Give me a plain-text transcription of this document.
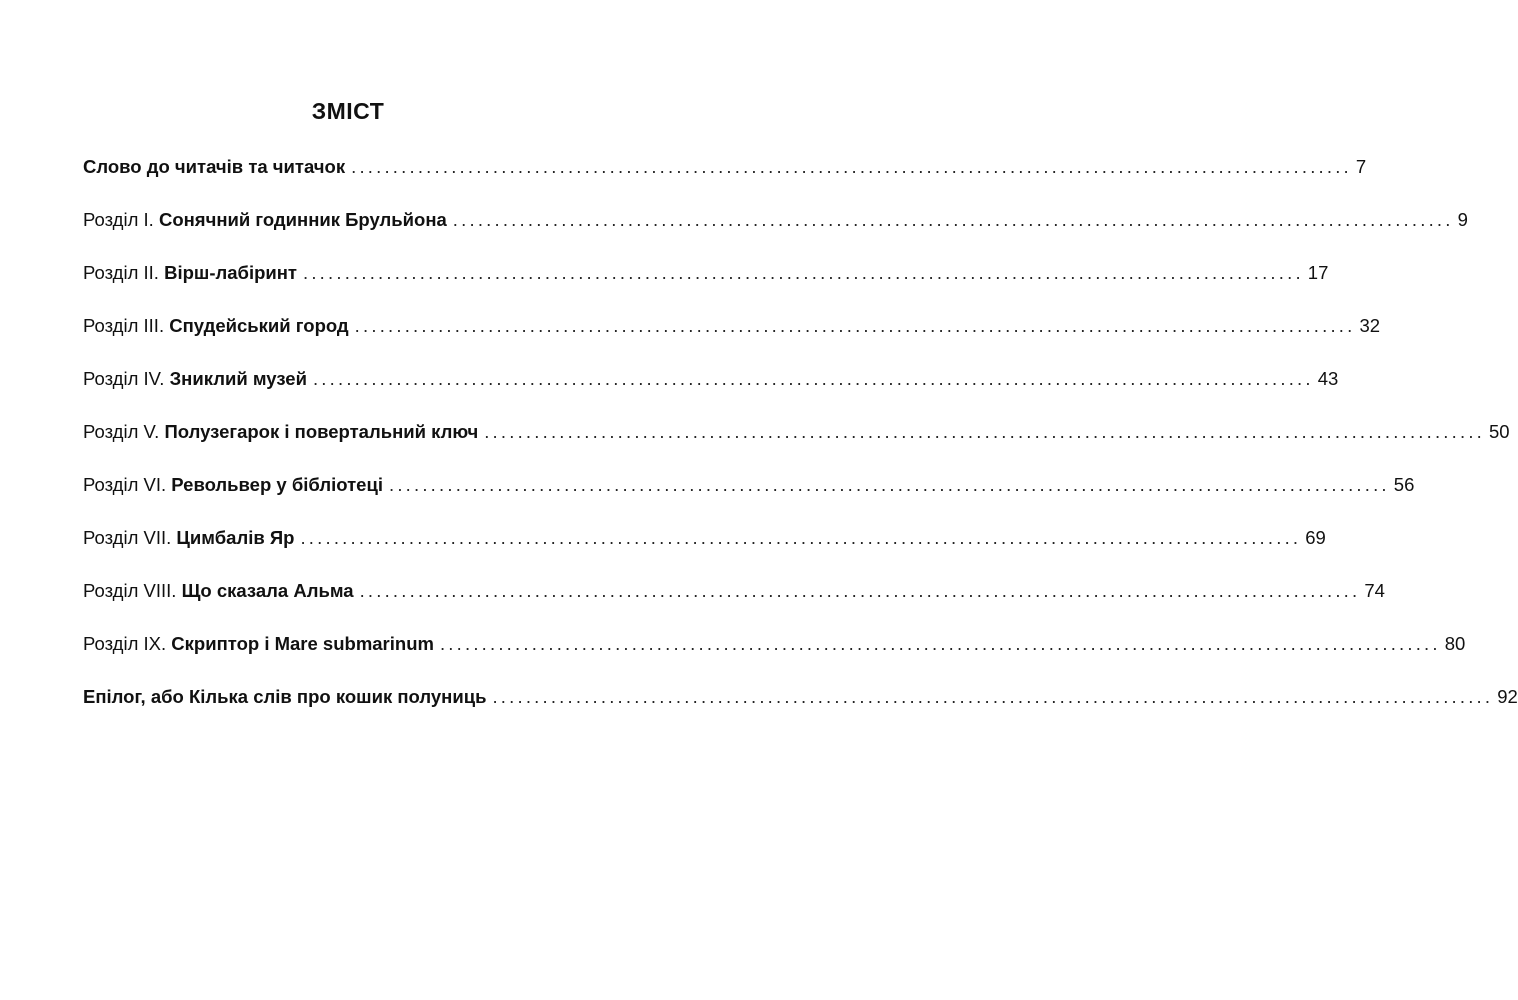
ЗМІСТ
Слово до читачів та читачок ........................................................................................................................ 7
Розділ І. Сонячний годинник Брульйона ........................................................................................................................ 9
Розділ ІІ. Вірш-лабіринт ........................................................................................................................ 17
Розділ ІІІ. Спудейський город ........................................................................................................................ 32
Розділ IV. Зниклий музей ........................................................................................................................ 43
Розділ V. Полузегарок і повертальний ключ ........................................................................................................................ 50
Розділ VI. Револьвер у бібліотеці ........................................................................................................................ 56
Розділ VII. Цимбалів Яр ........................................................................................................................ 69
Розділ VIII. Що сказала Альма ........................................................................................................................ 74
Розділ IX. Скриптор і Mare submarinum ........................................................................................................................ 80
Епілог, або Кілька слів про кошик полуниць ........................................................................................................................ 92
